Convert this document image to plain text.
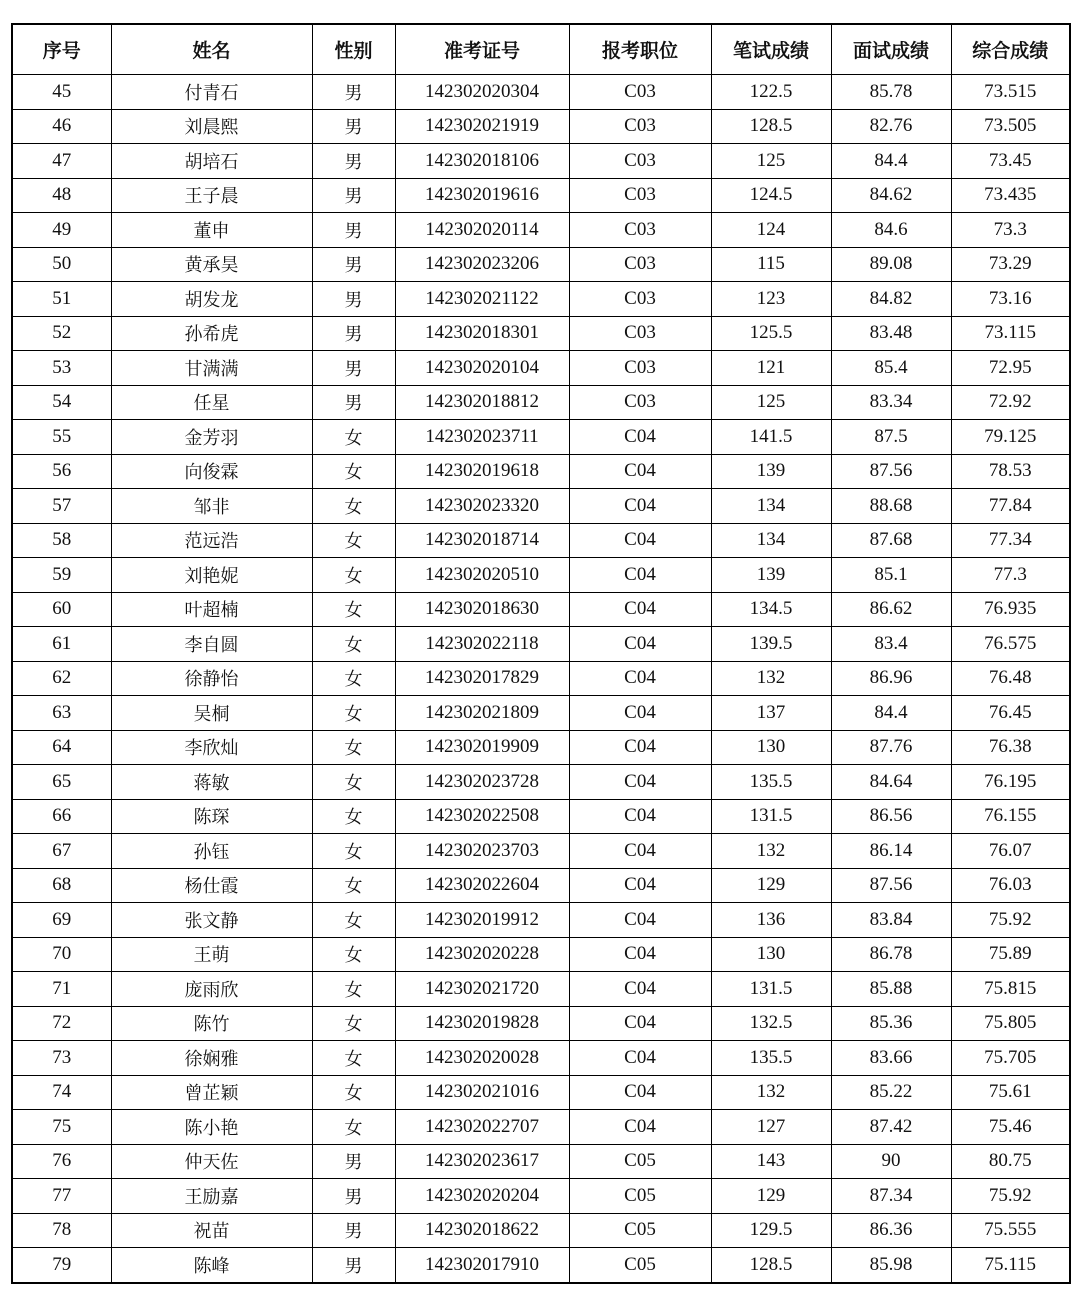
序号	姓名	性别	准考证号	报考职位	笔试成绩	面试成绩	综合成绩
45	付青石	男	142302020304	C03	122.5	85.78	73.515
46	刘晨熙	男	142302021919	C03	128.5	82.76	73.505
47	胡培石	男	142302018106	C03	125	84.4	73.45
48	王子晨	男	142302019616	C03	124.5	84.62	73.435
49	董申	男	142302020114	C03	124	84.6	73.3
50	黄承昊	男	142302023206	C03	115	89.08	73.29
51	胡发龙	男	142302021122	C03	123	84.82	73.16
52	孙希虎	男	142302018301	C03	125.5	83.48	73.115
53	甘满满	男	142302020104	C03	121	85.4	72.95
54	任星	男	142302018812	C03	125	83.34	72.92
55	金芳羽	女	142302023711	C04	141.5	87.5	79.125
56	向俊霖	女	142302019618	C04	139	87.56	78.53
57	邹非	女	142302023320	C04	134	88.68	77.84
58	范远浩	女	142302018714	C04	134	87.68	77.34
59	刘艳妮	女	142302020510	C04	139	85.1	77.3
60	叶超楠	女	142302018630	C04	134.5	86.62	76.935
61	李自圆	女	142302022118	C04	139.5	83.4	76.575
62	徐静怡	女	142302017829	C04	132	86.96	76.48
63	吴桐	女	142302021809	C04	137	84.4	76.45
64	李欣灿	女	142302019909	C04	130	87.76	76.38
65	蒋敏	女	142302023728	C04	135.5	84.64	76.195
66	陈琛	女	142302022508	C04	131.5	86.56	76.155
67	孙钰	女	142302023703	C04	132	86.14	76.07
68	杨仕霞	女	142302022604	C04	129	87.56	76.03
69	张文静	女	142302019912	C04	136	83.84	75.92
70	王萌	女	142302020228	C04	130	86.78	75.89
71	庞雨欣	女	142302021720	C04	131.5	85.88	75.815
72	陈竹	女	142302019828	C04	132.5	85.36	75.805
73	徐娴雅	女	142302020028	C04	135.5	83.66	75.705
74	曾芷颖	女	142302021016	C04	132	85.22	75.61
75	陈小艳	女	142302022707	C04	127	87.42	75.46
76	仲天佐	男	142302023617	C05	143	90	80.75
77	王励嘉	男	142302020204	C05	129	87.34	75.92
78	祝苗	男	142302018622	C05	129.5	86.36	75.555
79	陈峰	男	142302017910	C05	128.5	85.98	75.115
